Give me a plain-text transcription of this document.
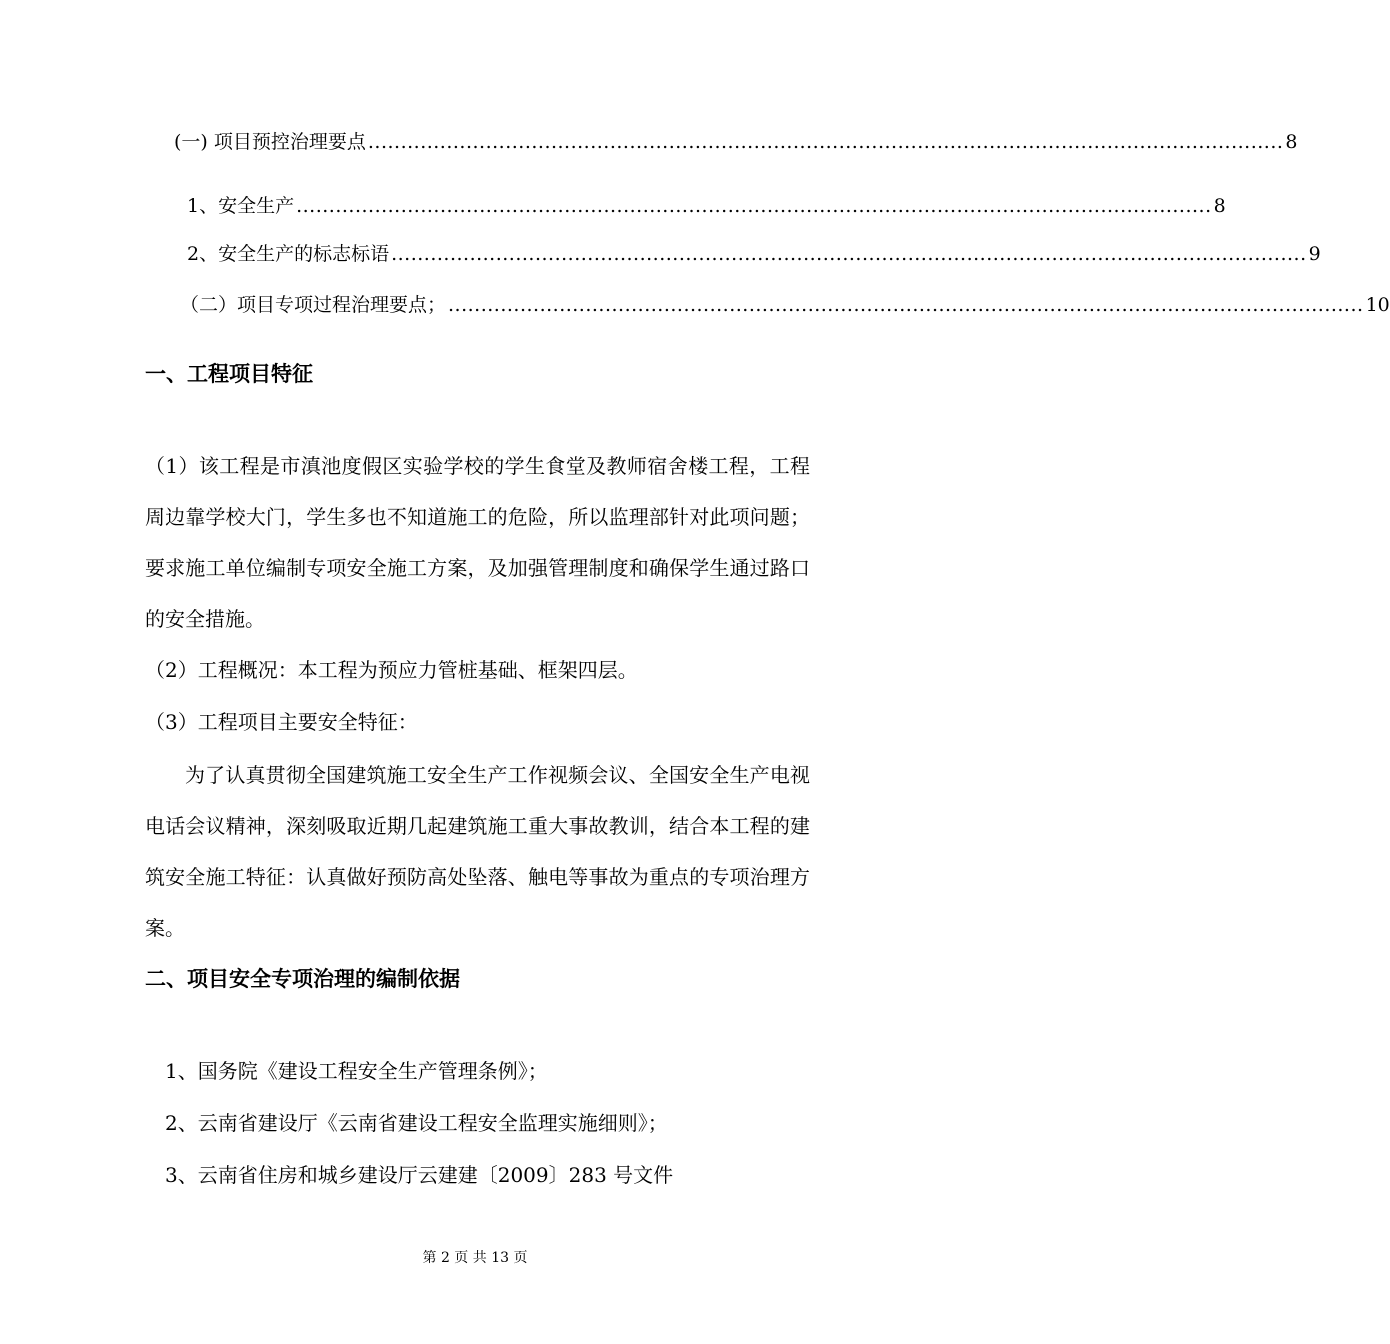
(一) 项目预控治理要点 ............................................................................................................................................ 8
1、安全生产 ............................................................................................................................................ 8
2、安全生产的标志标语 ............................................................................................................................................ 9
（二）项目专项过程治理要点； ............................................................................................................................................ 10
一、工程项目特征
（1）该工程是市滇池度假区实验学校的学生食堂及教师宿舍楼工程，工程周边靠学校大门，学生多也不知道施工的危险，所以监理部针对此项问题；要求施工单位编制专项安全施工方案，及加强管理制度和确保学生通过路口的安全措施。
（2）工程概况：本工程为预应力管桩基础、框架四层。
（3）工程项目主要安全特征：
为了认真贯彻全国建筑施工安全生产工作视频会议、全国安全生产电视电话会议精神，深刻吸取近期几起建筑施工重大事故教训，结合本工程的建筑安全施工特征：认真做好预防高处坠落、触电等事故为重点的专项治理方案。
二、项目安全专项治理的编制依据
1、国务院《建设工程安全生产管理条例》；
2、云南省建设厅《云南省建设工程安全监理实施细则》；
3、云南省住房和城乡建设厅云建建〔2009〕283 号文件
第 2 页 共 13 页
